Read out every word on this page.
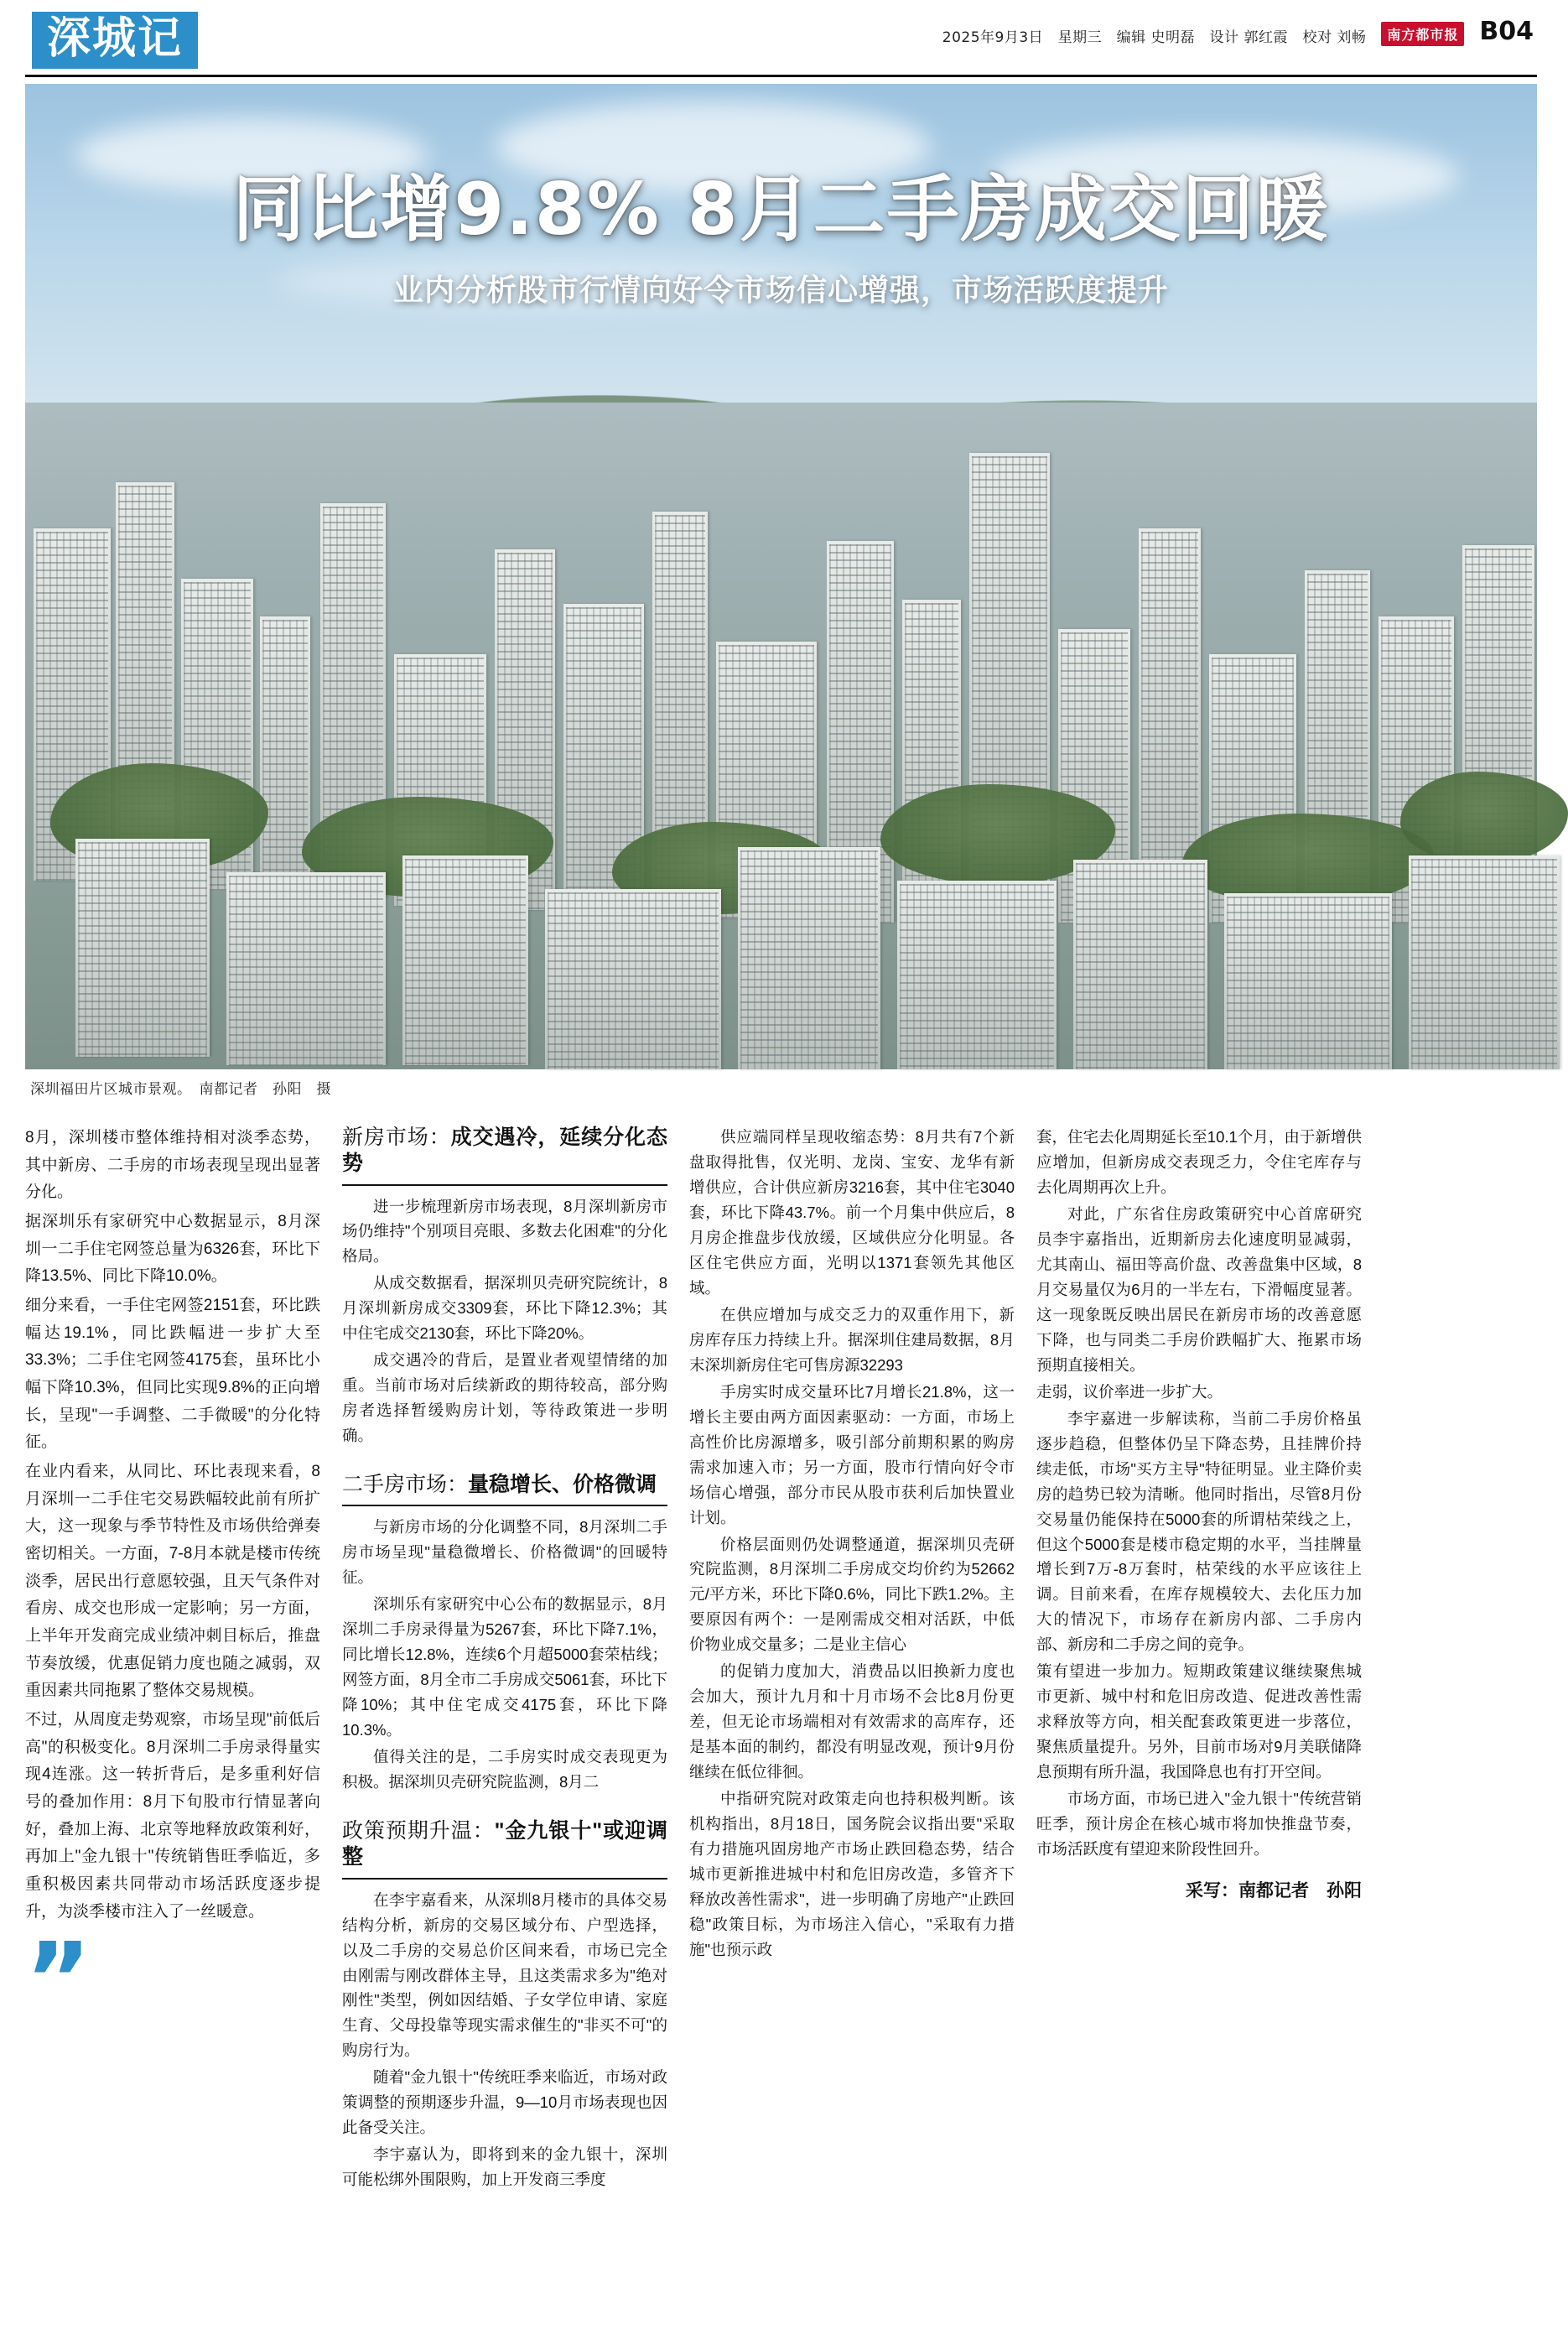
深城记	2025年9月3日　星期三　编辑 史明磊　设计 郭红霞　校对 刘畅	南方都市报 B04
同比增9.8% 8月二手房成交回暖
业内分析股市行情向好令市场信心增强，市场活跃度提升
深圳福田片区城市景观。　南都记者　孙阳　摄

8月，深圳楼市整体维持相对淡季态势，其中新房、二手房的市场表现呈现出显著分化。

据深圳乐有家研究中心数据显示，8月深圳一二手住宅网签总量为6326套，环比下降13.5%、同比下降10.0%。

细分来看，一手住宅网签2151套，环比跌幅达19.1%，同比跌幅进一步扩大至33.3%；二手住宅网签4175套，虽环比小幅下降10.3%，但同比实现9.8%的正向增长，呈现"一手调整、二手微暖"的分化特征。

在业内看来，从同比、环比表现来看，8月深圳一二手住宅交易跌幅较此前有所扩大，这一现象与季节特性及市场供给弹奏密切相关。一方面，7-8月本就是楼市传统淡季，居民出行意愿较强，且天气条件对看房、成交也形成一定影响；另一方面，上半年开发商完成业绩冲刺目标后，推盘节奏放缓，优惠促销力度也随之减弱，双重因素共同拖累了整体交易规模。

不过，从周度走势观察，市场呈现"前低后高"的积极变化。8月深圳二手房录得量实现4连涨。这一转折背后，是多重利好信号的叠加作用：8月下旬股市行情显著向好，叠加上海、北京等地释放政策利好，再加上"金九银十"传统销售旺季临近，多重积极因素共同带动市场活跃度逐步提升，为淡季楼市注入了一丝暖意。

”
新房市场：成交遇冷，延续分化态势

进一步梳理新房市场表现，8月深圳新房市场仍维持"个别项目亮眼、多数去化困难"的分化格局。

从成交数据看，据深圳贝壳研究院统计，8月深圳新房成交3309套，环比下降12.3%；其中住宅成交2130套，环比下降20%。

成交遇冷的背后，是置业者观望情绪的加重。当前市场对后续新政的期待较高，部分购房者选择暂缓购房计划，等待政策进一步明确。

二手房市场：量稳增长、价格微调

与新房市场的分化调整不同，8月深圳二手房市场呈现"量稳微增长、价格微调"的回暖特征。

深圳乐有家研究中心公布的数据显示，8月深圳二手房录得量为5267套，环比下降7.1%，同比增长12.8%，连续6个月超5000套荣枯线；网签方面，8月全市二手房成交5061套，环比下降10%；其中住宅成交4175套，环比下降10.3%。

值得关注的是，二手房实时成交表现更为积极。据深圳贝壳研究院监测，8月二

政策预期升温："金九银十"或迎调整

在李宇嘉看来，从深圳8月楼市的具体交易结构分析，新房的交易区域分布、户型选择，以及二手房的交易总价区间来看，市场已完全由刚需与刚改群体主导，且这类需求多为"绝对刚性"类型，例如因结婚、子女学位申请、家庭生育、父母投靠等现实需求催生的"非买不可"的购房行为。

随着"金九银十"传统旺季来临近，市场对政策调整的预期逐步升温，9—10月市场表现也因此备受关注。

李宇嘉认为，即将到来的金九银十，深圳可能松绑外围限购，加上开发商三季度

供应端同样呈现收缩态势：8月共有7个新盘取得批售，仅光明、龙岗、宝安、龙华有新增供应，合计供应新房3216套，其中住宅3040套，环比下降43.7%。前一个月集中供应后，8月房企推盘步伐放缓，区域供应分化明显。各区住宅供应方面，光明以1371套领先其他区域。

在供应增加与成交乏力的双重作用下，新房库存压力持续上升。据深圳住建局数据，8月末深圳新房住宅可售房源32293

手房实时成交量环比7月增长21.8%，这一增长主要由两方面因素驱动：一方面，市场上高性价比房源增多，吸引部分前期积累的购房需求加速入市；另一方面，股市行情向好令市场信心增强，部分市民从股市获利后加快置业计划。

价格层面则仍处调整通道，据深圳贝壳研究院监测，8月深圳二手房成交均价约为52662元/平方米，环比下降0.6%，同比下跌1.2%。主要原因有两个：一是刚需成交相对活跃，中低价物业成交量多；二是业主信心

的促销力度加大，消费品以旧换新力度也会加大，预计九月和十月市场不会比8月份更差，但无论市场端相对有效需求的高库存，还是基本面的制约，都没有明显改观，预计9月份继续在低位徘徊。

中指研究院对政策走向也持积极判断。该机构指出，8月18日，国务院会议指出要"采取有力措施巩固房地产市场止跌回稳态势，结合城市更新推进城中村和危旧房改造，多管齐下释放改善性需求"，进一步明确了房地产"止跌回稳"政策目标，为市场注入信心，"采取有力措施"也预示政

套，住宅去化周期延长至10.1个月，由于新增供应增加，但新房成交表现乏力，令住宅库存与去化周期再次上升。

对此，广东省住房政策研究中心首席研究员李宇嘉指出，近期新房去化速度明显减弱，尤其南山、福田等高价盘、改善盘集中区域，8月交易量仅为6月的一半左右，下滑幅度显著。这一现象既反映出居民在新房市场的改善意愿下降，也与同类二手房价跌幅扩大、拖累市场预期直接相关。

走弱，议价率进一步扩大。

李宇嘉进一步解读称，当前二手房价格虽逐步趋稳，但整体仍呈下降态势，且挂牌价持续走低，市场"买方主导"特征明显。业主降价卖房的趋势已较为清晰。他同时指出，尽管8月份交易量仍能保持在5000套的所谓枯荣线之上，但这个5000套是楼市稳定期的水平，当挂牌量增长到7万-8万套时，枯荣线的水平应该往上调。目前来看，在库存规模较大、去化压力加大的情况下，市场存在新房内部、二手房内部、新房和二手房之间的竞争。

策有望进一步加力。短期政策建议继续聚焦城市更新、城中村和危旧房改造、促进改善性需求释放等方向，相关配套政策更进一步落位，聚焦质量提升。另外，目前市场对9月美联储降息预期有所升温，我国降息也有打开空间。

市场方面，市场已进入"金九银十"传统营销旺季，预计房企在核心城市将加快推盘节奏，市场活跃度有望迎来阶段性回升。

采写：南都记者　孙阳
